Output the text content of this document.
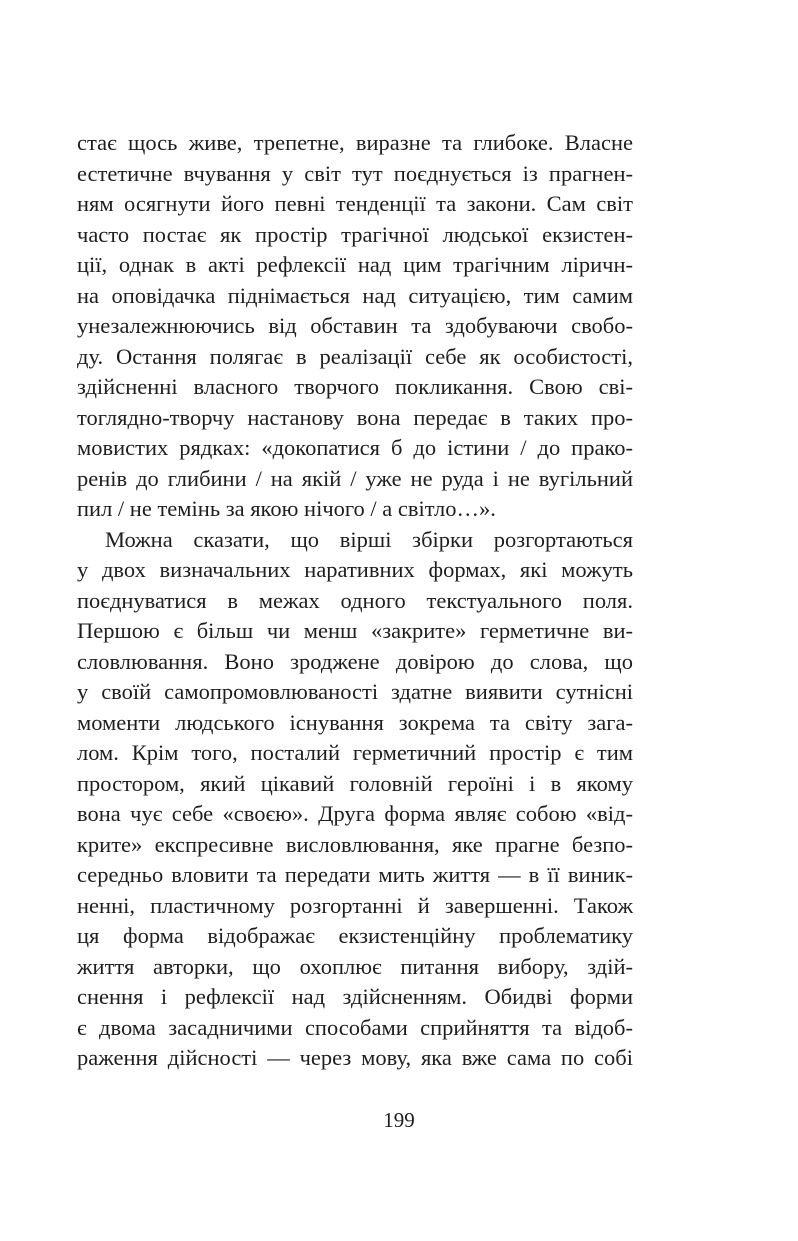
стає щось живе, трепетне, виразне та глибоке. Власне
естетичне вчування у світ тут поєднується із прагнен-
ням осягнути його певні тенденції та закони. Сам світ
часто постає як простір трагічної людської екзистен-
ції, однак в акті рефлексії над цим трагічним ліричн-
на оповідачка піднімається над ситуацією, тим самим
унезалежнюючись від обставин та здобуваючи свобо-
ду. Остання полягає в реалізації себе як особистості,
здійсненні власного творчого покликання. Свою сві-
тоглядно-творчу настанову вона передає в таких про-
мовистих рядках: «докопатися б до істини / до прако-
ренів до глибини / на якій / уже не руда і не вугільний
пил / не темінь за якою нічого / а світло…».
Можна сказати, що вірші збірки розгортаються
у двох визначальних наративних формах, які можуть
поєднуватися в межах одного текстуального поля.
Першою є більш чи менш «закрите» герметичне ви-
словлювання. Воно зроджене довірою до слова, що
у своїй самопромовлюваності здатне виявити сутнісні
моменти людського існування зокрема та світу зага-
лом. Крім того, посталий герметичний простір є тим
простором, який цікавий головній героїні і в якому
вона чує себе «своєю». Друга форма являє собою «від-
крите» експресивне висловлювання, яке прагне безпо-
середньо вловити та передати мить життя — в її виник-
ненні, пластичному розгортанні й завершенні. Також
ця форма відображає екзистенційну проблематику
життя авторки, що охоплює питання вибору, здій-
снення і рефлексії над здійсненням. Обидві форми
є двома засадничими способами сприйняття та відоб-
раження дійсності — через мову, яка вже сама по собі
199
